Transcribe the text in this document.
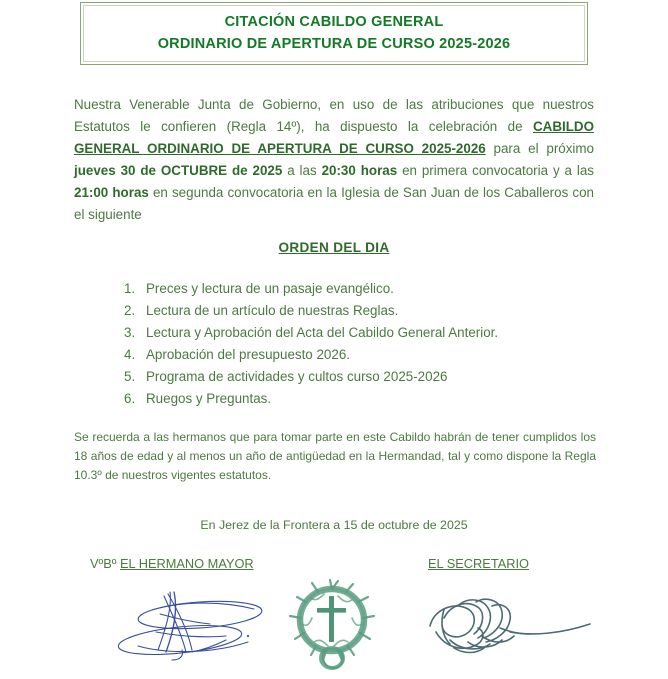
CITACIÓN CABILDO GENERAL
ORDINARIO DE APERTURA DE CURSO 2025-2026
Nuestra Venerable Junta de Gobierno, en uso de las atribuciones que nuestros Estatutos le confieren (Regla 14º), ha dispuesto la celebración de CABILDO GENERAL ORDINARIO DE APERTURA DE CURSO 2025-2026 para el próximo jueves 30 de OCTUBRE de 2025 a las 20:30 horas en primera convocatoria y a las 21:00 horas en segunda convocatoria en la Iglesia de San Juan de los Caballeros con el siguiente
ORDEN DEL DIA
1. Preces y lectura de un pasaje evangélico.
2. Lectura de un artículo de nuestras Reglas.
3. Lectura y Aprobación del Acta del Cabildo General Anterior.
4. Aprobación del presupuesto 2026.
5. Programa de actividades y cultos curso 2025-2026
6. Ruegos y Preguntas.
Se recuerda a las hermanos que para tomar parte en este Cabildo habrán de tener cumplidos los 18 años de edad y al menos un año de antigüedad en la Hermandad, tal y como dispone la Regla 10.3º de nuestros vigentes estatutos.
En Jerez de la Frontera a 15 de octubre de 2025
VºBº EL HERMANO MAYOR	EL SECRETARIO
